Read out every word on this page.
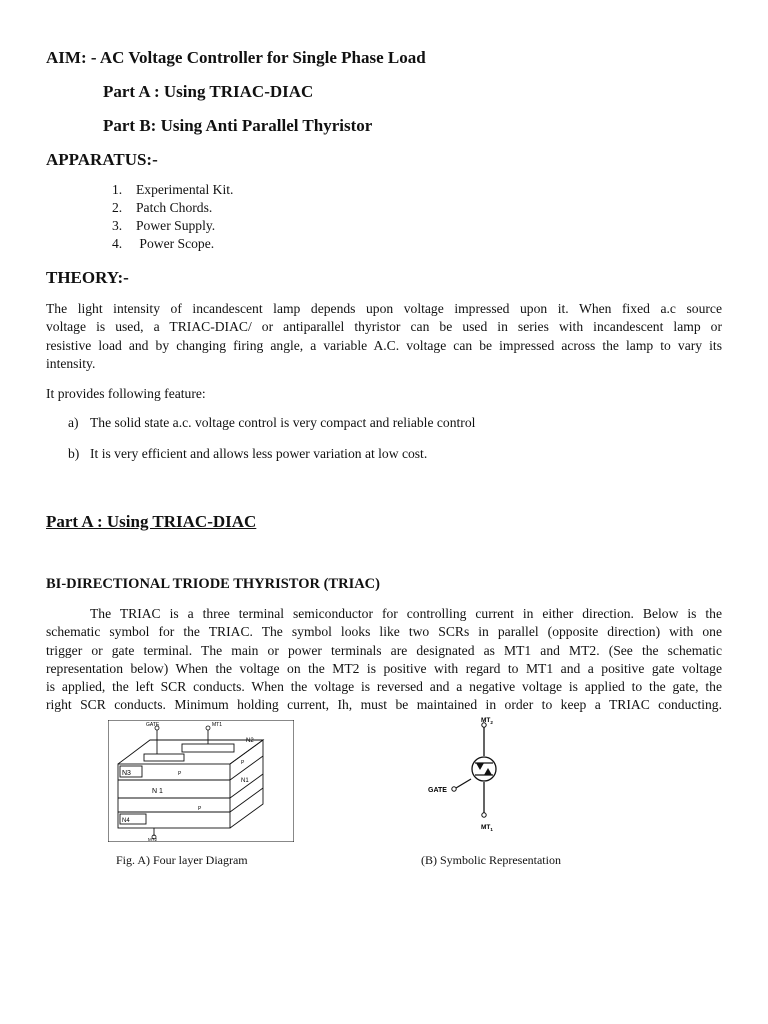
AIM: - AC Voltage Controller for Single Phase Load
Part A : Using TRIAC-DIAC
Part B: Using Anti Parallel Thyristor
APPARATUS:-
1. Experimental Kit.
2. Patch Chords.
3. Power Supply.
4. Power Scope.
THEORY:-
The light intensity of incandescent lamp depends upon voltage impressed upon it. When fixed a.c source
voltage is used, a TRIAC-DIAC/ or antiparallel thyristor can be used in series with incandescent lamp or
resistive load and by changing firing angle, a variable A.C. voltage can be impressed across the lamp to vary its
intensity.
It provides following feature:
a) The solid state a.c. voltage control is very compact and reliable control
b) It is very efficient and allows less power variation at low cost.
Part A : Using TRIAC-DIAC
BI-DIRECTIONAL TRIODE THYRISTOR (TRIAC)
The TRIAC is a three terminal semiconductor for controlling current in either direction. Below is the
schematic symbol for the TRIAC. The symbol looks like two SCRs in parallel (opposite direction) with one
trigger or gate terminal. The main or power terminals are designated as MT1 and MT2. (See the schematic
representation below) When the voltage on the MT2 is positive with regard to MT1 and a positive gate voltage
is applied, the left SCR conducts. When the voltage is reversed and a negative voltage is applied to the gate, the
right SCR conducts. Minimum holding current, Ih, must be maintained in order to keep a TRIAC conducting.
GATE	MT1
MT2
N3
N2
N 1
N4
P
P
P
N1
GATE
$MT_2$
$MT_1$
Fig. A) Four layer Diagram	(B) Symbolic Representation
